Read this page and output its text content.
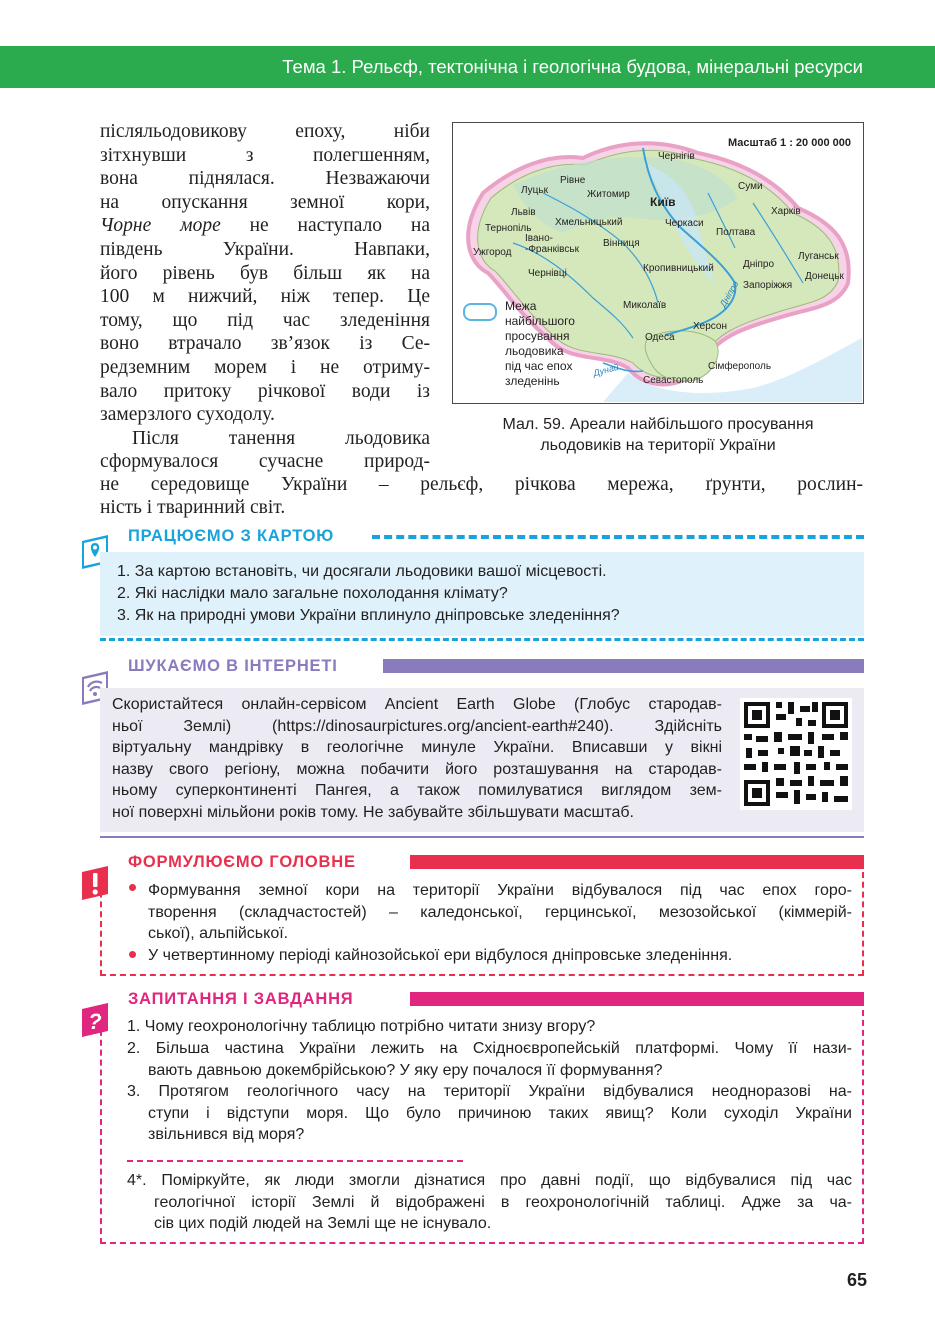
Тема 1. Рельєф, тектонічна і геологічна будова, мінеральні ресурси
післяльодовикову епоху, ніби
зітхнувши з полегшенням,
вона піднялася. Незважаючи
на опускання земної кори,
Чорне море не наступало на
південь України. Навпаки,
його рівень був більш як на
100 м нижчий, ніж тепер. Це
тому, що під час зледеніння
воно втрачало зв’язок із Се-
редземним морем і не отриму-
вало притоку річкової води із
замерзлого суходолу.
Після танення льодовика
сформувалося сучасне природ-
не середовище України – рельєф, річкова мережа, ґрунти, рослин-
ність і тваринний світ.
Масштаб 1 : 20 000 000
Чернігів
Рівне
Луцьк	Житомир
Київ
Суми
Львів
Хмельницький	Черкаси
Харків
Тернопіль
Івано-
-Франківськ
Вінниця
Полтава
Ужгород
Чернівці	Кропивницький	Дніпро
Луганськ
Донецьк
Запоріжжя
Миколаїв
Одеса
Херсон
Сімферополь
Севастополь
Дніпро
Дунай
Межа
найбільшого
просування
льодовика
під час епох
зледенінь
Мал. 59. Ареали найбільшого просування
льодовиків на території України
ПРАЦЮЄМО З КАРТОЮ
1. За картою встановіть, чи досягали льодовики вашої місцевості.
2. Які наслідки мало загальне похолодання клімату?
3. Як на природні умови України вплинуло дніпровське зледеніння?
ШУКАЄМО В ІНТЕРНЕТІ
Скористайтеся онлайн-сервісом Ancient Earth Globe (Глобус стародав-
ньої Землі) (https://dinosaurpictures.org/ancient-earth#240). Здійсніть
віртуальну мандрівку в геологічне минуле України. Вписавши у вікні
назву свого регіону, можна побачити його розташування на стародав-
ньому суперконтиненті Пангея, а також помилуватися виглядом зем-
ної поверхні мільйони років тому. Не забувайте збільшувати масштаб.
ФОРМУЛЮЄМО ГОЛОВНЕ
Формування земної кори на території України відбувалося під час епох горо-
творення (складчастостей) – каледонської, герцинської, мезозойської (кіммерій-
ської), альпійської.
У четвертинному періоді кайнозойської ери відбулося дніпровське зледеніння.
?
ЗАПИТАННЯ І ЗАВДАННЯ
1. Чому геохронологічну таблицю потрібно читати знизу вгору?
2. Більша частина України лежить на Східноєвропейській платформі. Чому її нази-
вають давньою докембрійською? У яку еру почалося її формування?
3. Протягом геологічного часу на території України відбувалися неодноразові на-
ступи і відступи моря. Що було причиною таких явищ? Коли суходіл України
звільнився від моря?
4*. Поміркуйте, як люди змогли дізнатися про давні події, що відбувалися під час
геологічної історії Землі й відображені в геохронологічній таблиці. Адже за ча-
сів цих подій людей на Землі ще не існувало.
65
